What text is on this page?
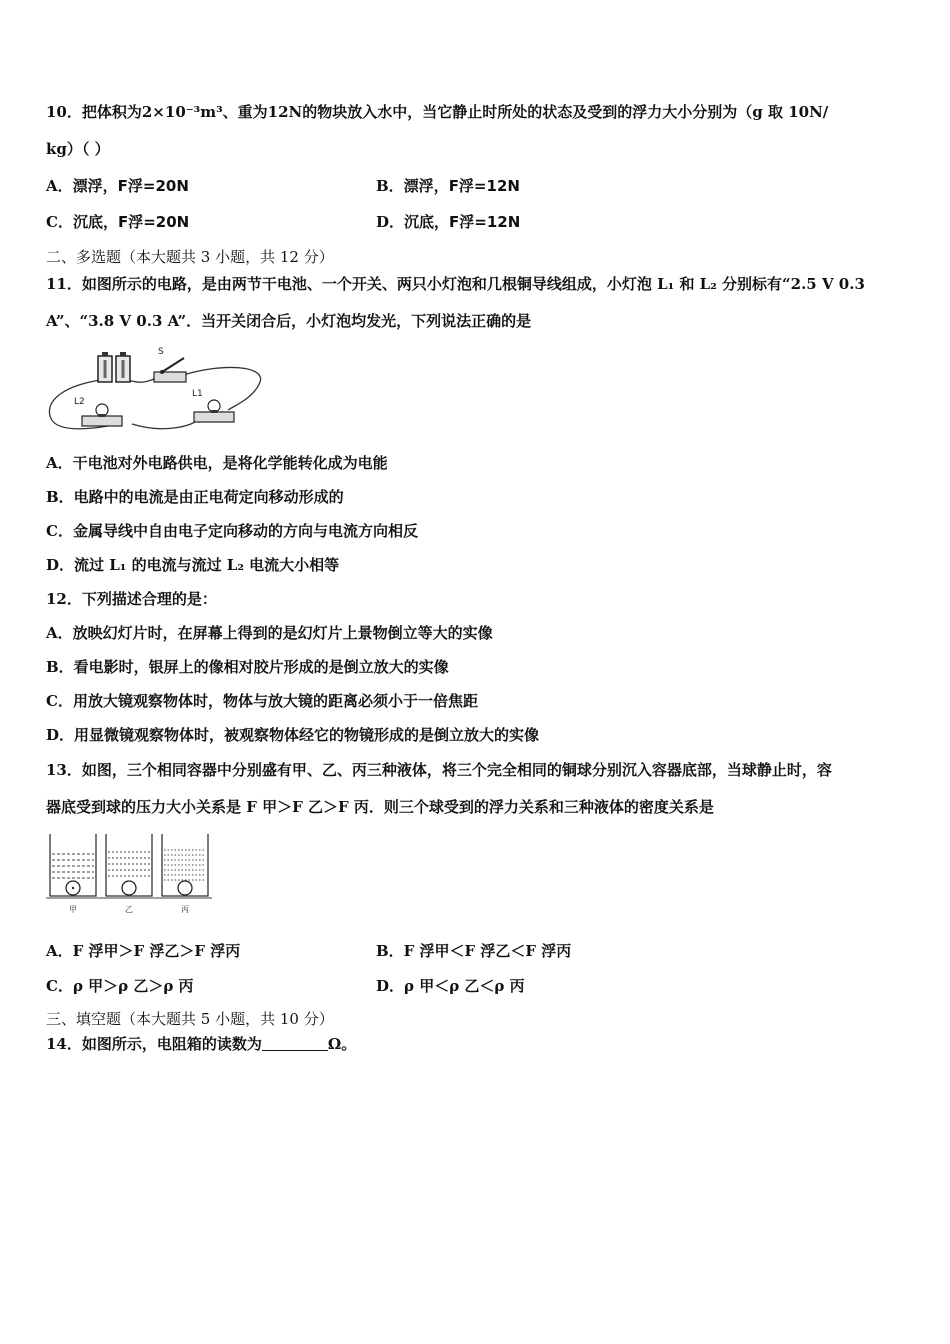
10．把体积为2×10⁻³m³、重为12N的物块放入水中，当它静止时所处的状态及受到的浮力大小分别为（g 取 10N/
kg）（ ）
A．漂浮，F浮=20N	B．漂浮，F浮=12N
C．沉底，F浮=20N	D．沉底，F浮=12N
二、多选题（本大题共 3 小题，共 12 分）
11．如图所示的电路，是由两节干电池、一个开关、两只小灯泡和几根铜导线组成，小灯泡 L₁ 和 L₂ 分别标有“2.5 V 0.3
A”、“3.8 V 0.3 A”．当开关闭合后，小灯泡均发光，下列说法正确的是
S
L2
L1
A．干电池对外电路供电，是将化学能转化成为电能
B．电路中的电流是由正电荷定向移动形成的
C．金属导线中自由电子定向移动的方向与电流方向相反
D．流过 L₁ 的电流与流过 L₂ 电流大小相等
12．下列描述合理的是：
A．放映幻灯片时，在屏幕上得到的是幻灯片上景物倒立等大的实像
B．看电影时，银屏上的像相对胶片形成的是倒立放大的实像
C．用放大镜观察物体时，物体与放大镜的距离必须小于一倍焦距
D．用显微镜观察物体时，被观察物体经它的物镜形成的是倒立放大的实像
13．如图，三个相同容器中分别盛有甲、乙、丙三种液体，将三个完全相同的铜球分别沉入容器底部，当球静止时，容
器底受到球的压力大小关系是 F 甲＞F 乙＞F 丙．则三个球受到的浮力关系和三种液体的密度关系是
甲	乙	丙
A．F 浮甲＞F 浮乙＞F 浮丙	B．F 浮甲＜F 浮乙＜F 浮丙
C．ρ 甲＞ρ 乙＞ρ 丙	D．ρ 甲＜ρ 乙＜ρ 丙
三、填空题（本大题共 5 小题，共 10 分）
14．如图所示，电阻箱的读数为	Ω。
